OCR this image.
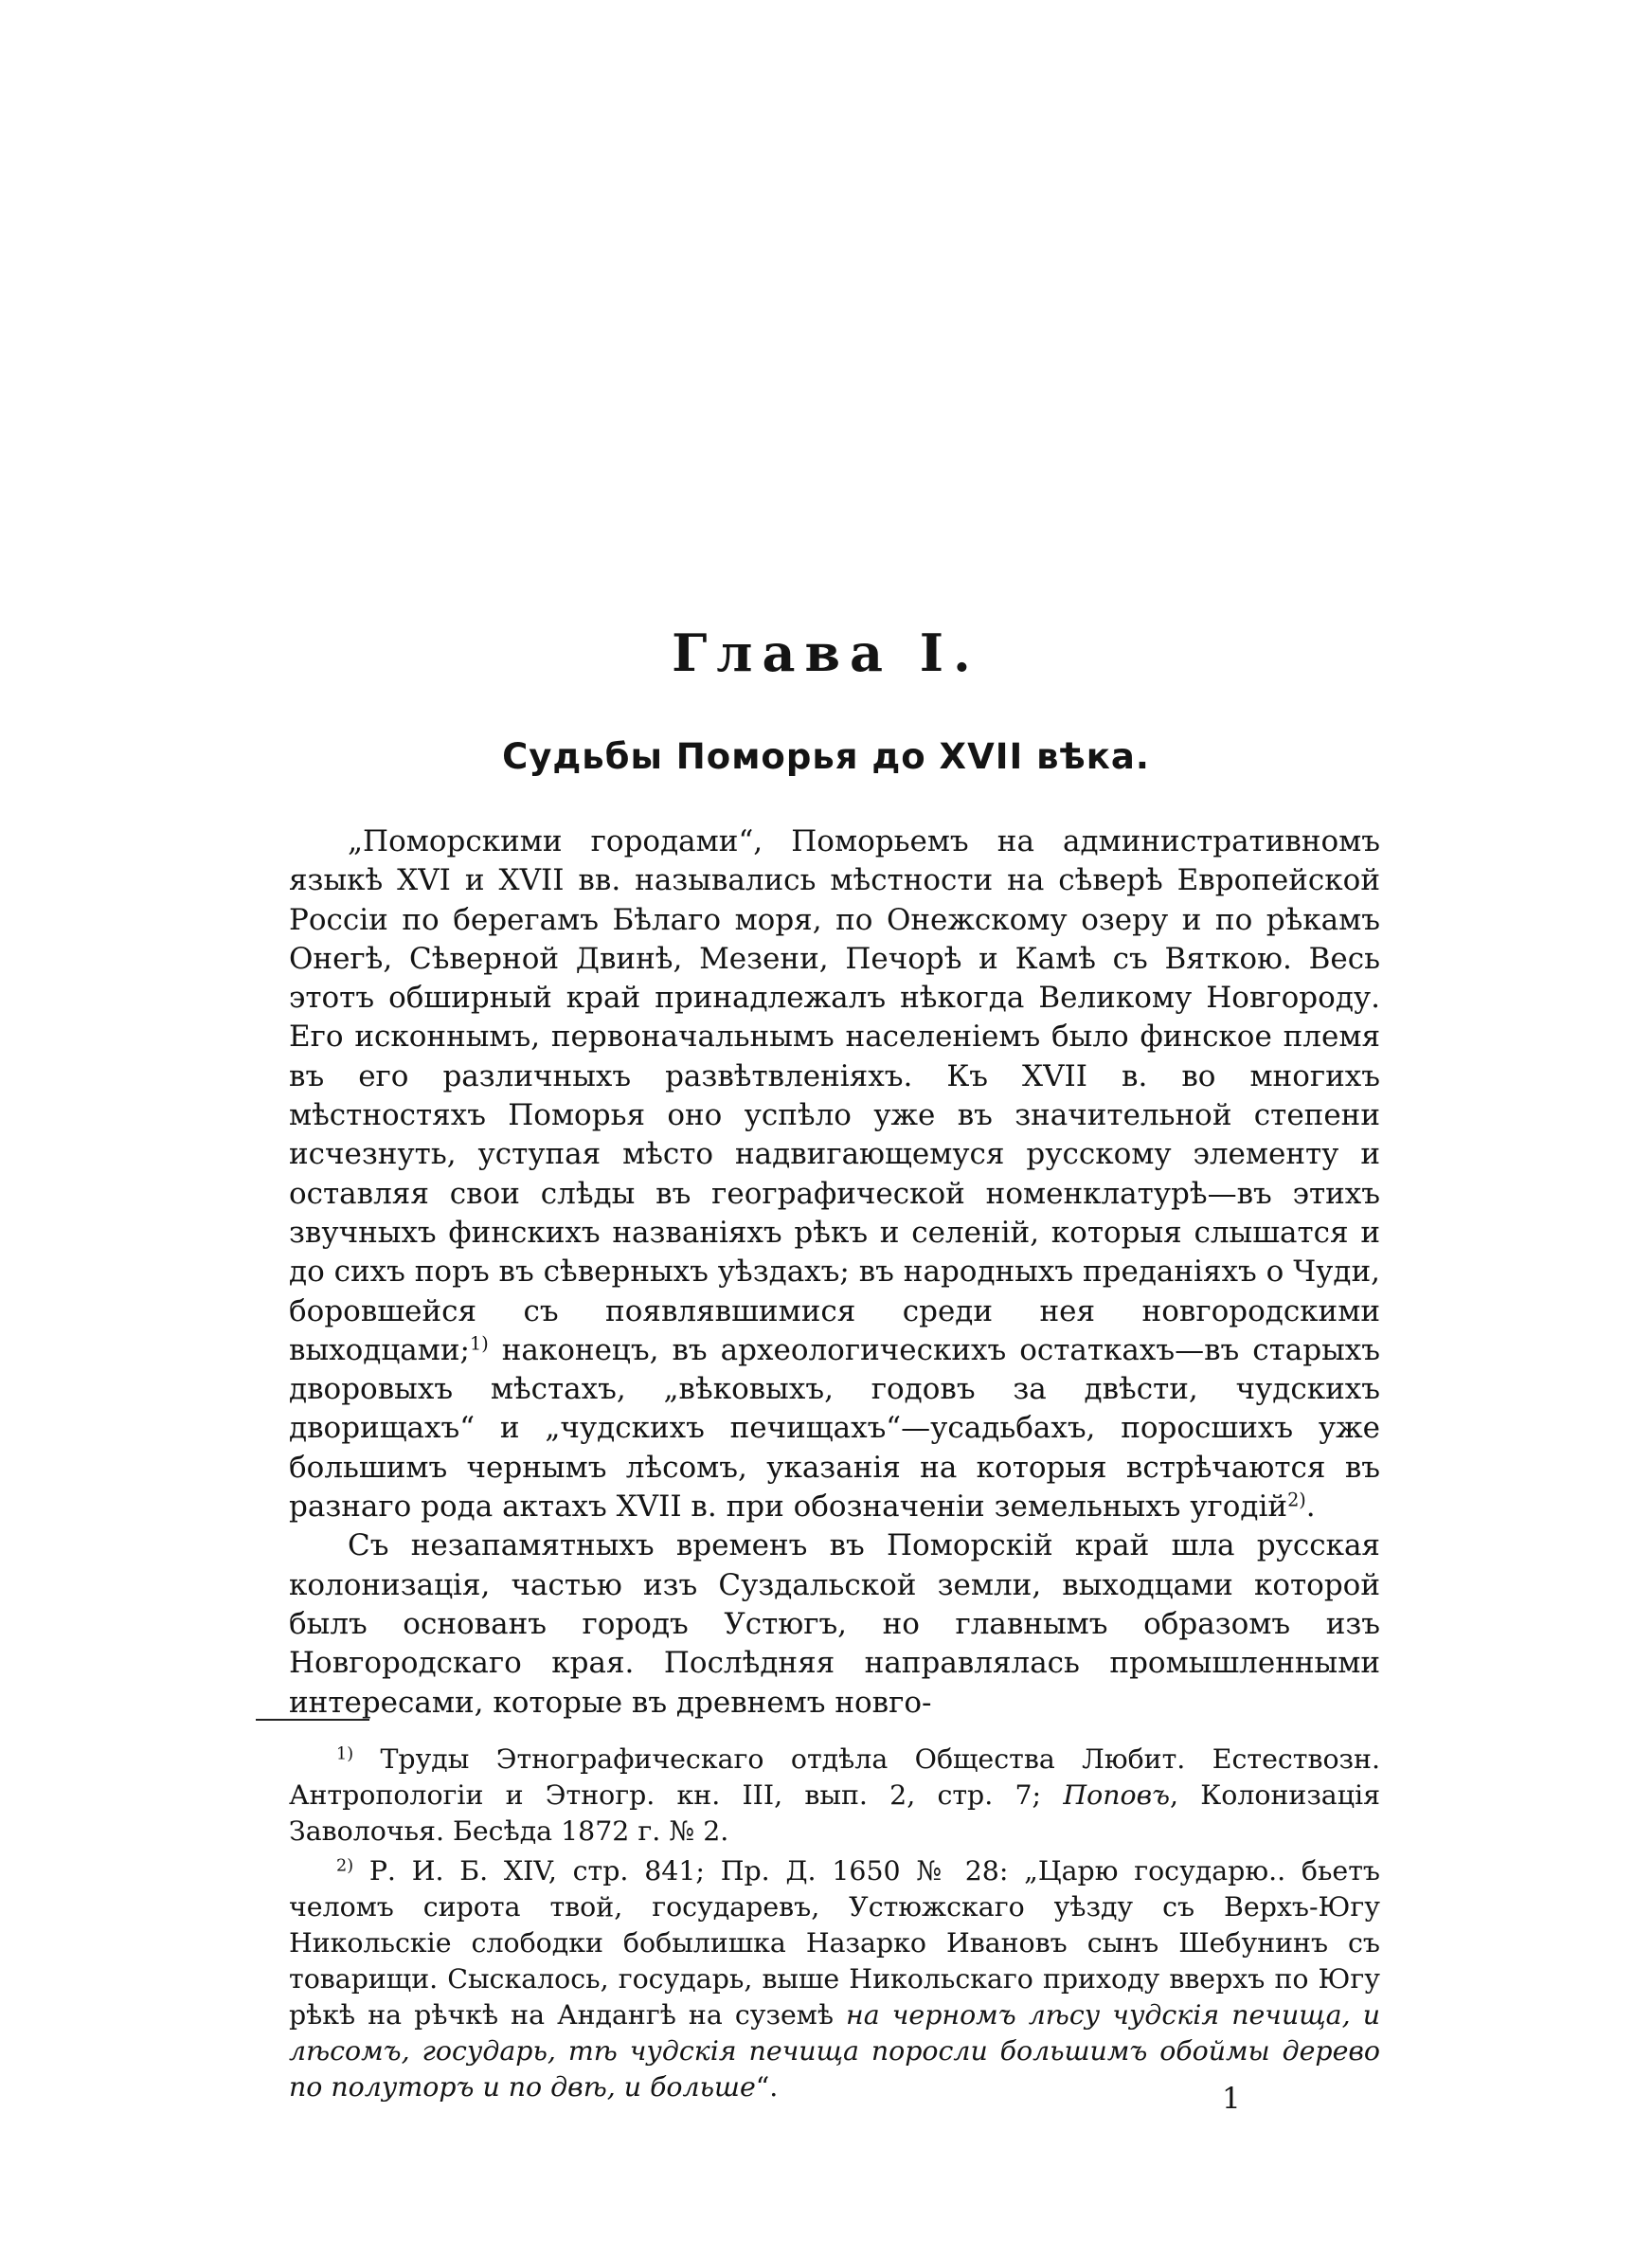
Глава I.
Судьбы Поморья до XVII вѣка.

„Поморскими городами“, Поморьемъ на административномъ языкѣ XVI и XVII вв. назывались мѣстности на сѣверѣ Европейской Россіи по берегамъ Бѣлаго моря, по Онежскому озеру и по рѣкамъ Онегѣ, Сѣверной Двинѣ, Мезени, Печорѣ и Камѣ съ Вяткою. Весь этотъ обширный край принадлежалъ нѣкогда Великому Новгороду. Его исконнымъ, первоначальнымъ населеніемъ было финское племя въ его различныхъ развѣтвленіяхъ. Къ XVII в. во многихъ мѣстностяхъ Поморья оно успѣло уже въ значительной степени исчезнуть, уступая мѣсто надвигающемуся русскому элементу и оставляя свои слѣды въ географической номенклатурѣ—въ этихъ звучныхъ финскихъ названіяхъ рѣкъ и селеній, которыя слышатся и до сихъ поръ въ сѣверныхъ уѣздахъ; въ народныхъ преданіяхъ о Чуди, боровшейся съ появлявшимися среди нея новгородскими выходцами;$^{1)}$ наконецъ, въ археологическихъ остаткахъ—въ старыхъ дворовыхъ мѣстахъ, „вѣковыхъ, годовъ за двѣсти, чудскихъ дворищахъ“ и „чудскихъ печищахъ“—усадьбахъ, поросшихъ уже большимъ чернымъ лѣсомъ, указанія на которыя встрѣчаются въ разнаго рода актахъ XVII в. при обозначеніи земельныхъ угодій$^{2)}$.

Съ незапамятныхъ временъ въ Поморскій край шла русская колонизація, частью изъ Суздальской земли, выходцами которой былъ основанъ городъ Устюгъ, но главнымъ образомъ изъ Новгородскаго края. Послѣдняя направлялась промышленными интересами, которые въ древнемъ новго-

$^{1)}$ Труды Этнографическаго отдѣла Общества Любит. Естествозн. Антропологіи и Этногр. кн. III, вып. 2, стр. 7; Поповъ, Колонизація Заволочья. Бесѣда 1872 г. № 2.

$^{2)}$ Р. И. Б. XIV, стр. 841; Пр. Д. 1650 № 28: „Царю государю.. бьетъ челомъ сирота твой, государевъ, Устюжскаго уѣзду съ Верхъ-Югу Никольскіе слободки бобылишка Назарко Ивановъ сынъ Шебунинъ съ товарищи. Сыскалось, государь, выше Никольскаго приходу вверхъ по Югу рѣкѣ на рѣчкѣ на Андангѣ на суземѣ на черномъ лѣсу чудскія печища, и лѣсомъ, государь, тѣ чудскія печища поросли большимъ обоймы дерево по полуторъ и по двѣ, и больше“.	1
